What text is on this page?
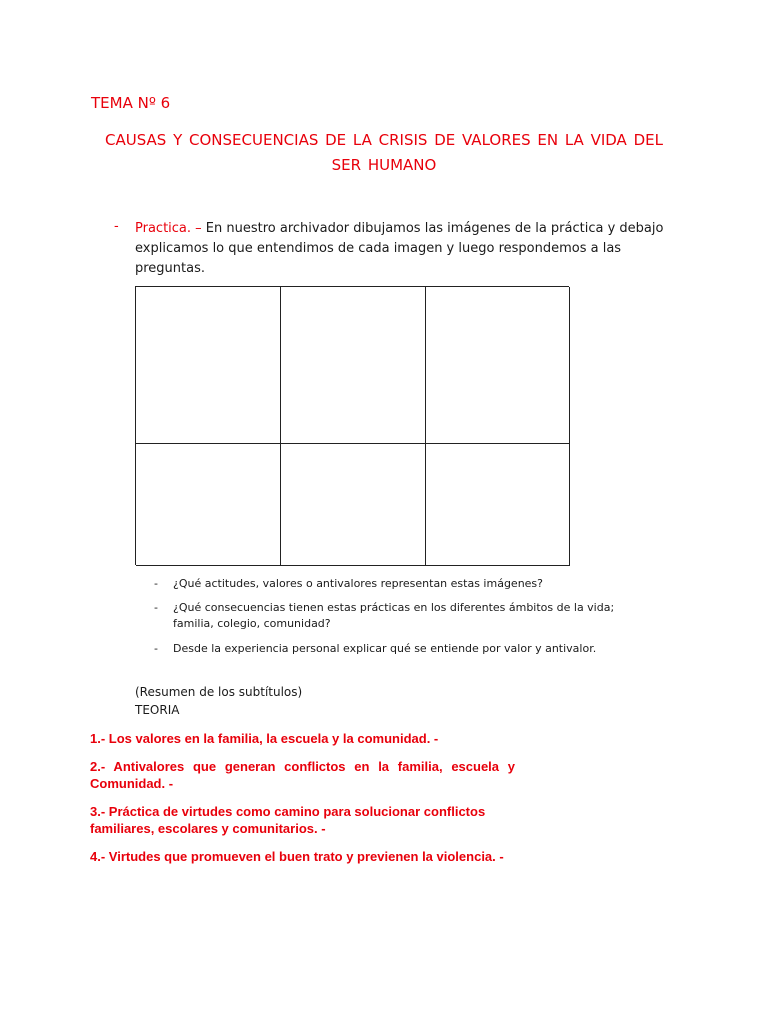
TEMA Nº 6
CAUSAS Y CONSECUENCIAS DE LA CRISIS DE VALORES EN LA VIDA DEL SER HUMANO
- Practica. – En nuestro archivador dibujamos las imágenes de la práctica y debajo explicamos lo que entendimos de cada imagen y luego respondemos a las preguntas.
- ¿Qué actitudes, valores o antivalores representan estas imágenes?
- ¿Qué consecuencias tienen estas prácticas en los diferentes ámbitos de la vida; familia, colegio, comunidad?
- Desde la experiencia personal explicar qué se entiende por valor y antivalor.
(Resumen de los subtítulos)
TEORIA
1.- Los valores en la familia, la escuela y la comunidad. -
2.- Antivalores que generan conflictos en la familia, escuela y Comunidad. -
3.- Práctica de virtudes como camino para solucionar conflictos familiares, escolares y comunitarios. -
4.- Virtudes que promueven el buen trato y previenen la violencia. -
